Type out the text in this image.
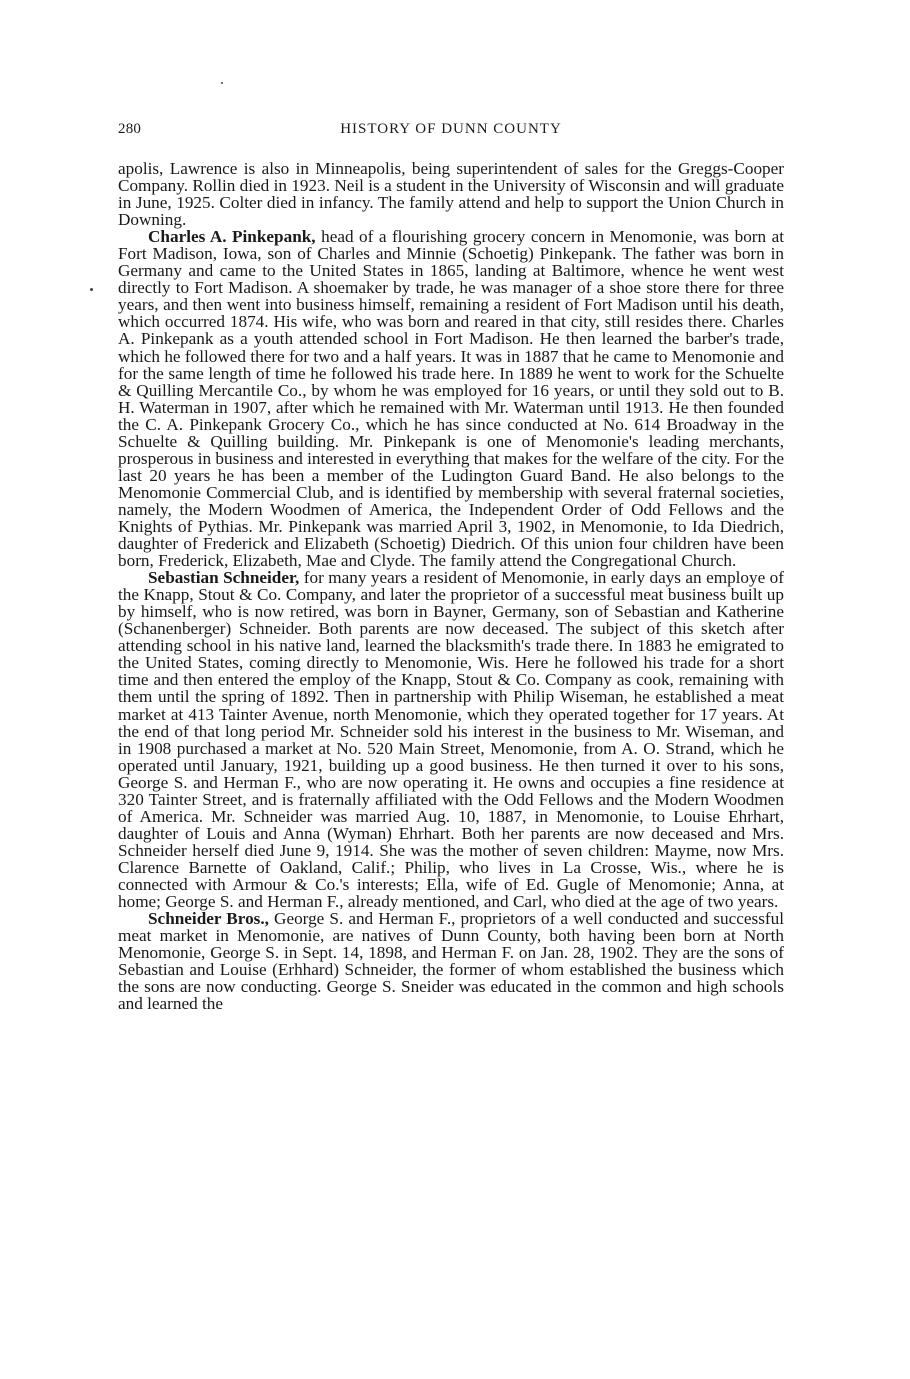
280	HISTORY OF DUNN COUNTY

apolis, Lawrence is also in Minneapolis, being superintendent of sales for the Greggs-Cooper Company. Rollin died in 1923. Neil is a student in the University of Wisconsin and will graduate in June, 1925. Colter died in infancy. The family attend and help to support the Union Church in Downing.

Charles A. Pinkepank, head of a flourishing grocery concern in Menomonie, was born at Fort Madison, Iowa, son of Charles and Minnie (Schoetig) Pinkepank. The father was born in Germany and came to the United States in 1865, landing at Baltimore, whence he went west directly to Fort Madison. A shoemaker by trade, he was manager of a shoe store there for three years, and then went into business himself, remaining a resident of Fort Madison until his death, which occurred 1874. His wife, who was born and reared in that city, still resides there. Charles A. Pinkepank as a youth attended school in Fort Madison. He then learned the barber's trade, which he followed there for two and a half years. It was in 1887 that he came to Menomonie and for the same length of time he followed his trade here. In 1889 he went to work for the Schuelte & Quilling Mercantile Co., by whom he was employed for 16 years, or until they sold out to B. H. Waterman in 1907, after which he remained with Mr. Waterman until 1913. He then founded the C. A. Pinkepank Grocery Co., which he has since conducted at No. 614 Broadway in the Schuelte & Quilling building. Mr. Pinkepank is one of Menomonie's leading merchants, prosperous in business and interested in everything that makes for the welfare of the city. For the last 20 years he has been a member of the Ludington Guard Band. He also belongs to the Menomonie Commercial Club, and is identified by membership with several fraternal societies, namely, the Modern Woodmen of America, the Independent Order of Odd Fellows and the Knights of Pythias. Mr. Pinkepank was married April 3, 1902, in Menomonie, to Ida Diedrich, daughter of Frederick and Elizabeth (Schoetig) Diedrich. Of this union four children have been born, Frederick, Elizabeth, Mae and Clyde. The family attend the Congregational Church.

Sebastian Schneider, for many years a resident of Menomonie, in early days an employe of the Knapp, Stout & Co. Company, and later the proprietor of a successful meat business built up by himself, who is now retired, was born in Bayner, Germany, son of Sebastian and Katherine (Schanenberger) Schneider. Both parents are now deceased. The subject of this sketch after attending school in his native land, learned the blacksmith's trade there. In 1883 he emigrated to the United States, coming directly to Menomonie, Wis. Here he followed his trade for a short time and then entered the employ of the Knapp, Stout & Co. Company as cook, remaining with them until the spring of 1892. Then in partnership with Philip Wiseman, he established a meat market at 413 Tainter Avenue, north Menomonie, which they operated together for 17 years. At the end of that long period Mr. Schneider sold his interest in the business to Mr. Wiseman, and in 1908 purchased a market at No. 520 Main Street, Menomonie, from A. O. Strand, which he operated until January, 1921, building up a good business. He then turned it over to his sons, George S. and Herman F., who are now operating it. He owns and occupies a fine residence at 320 Tainter Street, and is fraternally affiliated with the Odd Fellows and the Modern Woodmen of America. Mr. Schneider was married Aug. 10, 1887, in Menomonie, to Louise Ehrhart, daughter of Louis and Anna (Wyman) Ehrhart. Both her parents are now deceased and Mrs. Schneider herself died June 9, 1914. She was the mother of seven children: Mayme, now Mrs. Clarence Barnette of Oakland, Calif.; Philip, who lives in La Crosse, Wis., where he is connected with Armour & Co.'s interests; Ella, wife of Ed. Gugle of Menomonie; Anna, at home; George S. and Herman F., already mentioned, and Carl, who died at the age of two years.

Schneider Bros., George S. and Herman F., proprietors of a well conducted and successful meat market in Menomonie, are natives of Dunn County, both having been born at North Menomonie, George S. in Sept. 14, 1898, and Herman F. on Jan. 28, 1902. They are the sons of Sebastian and Louise (Erhhard) Schneider, the former of whom established the business which the sons are now conducting. George S. Sneider was educated in the common and high schools and learned the
